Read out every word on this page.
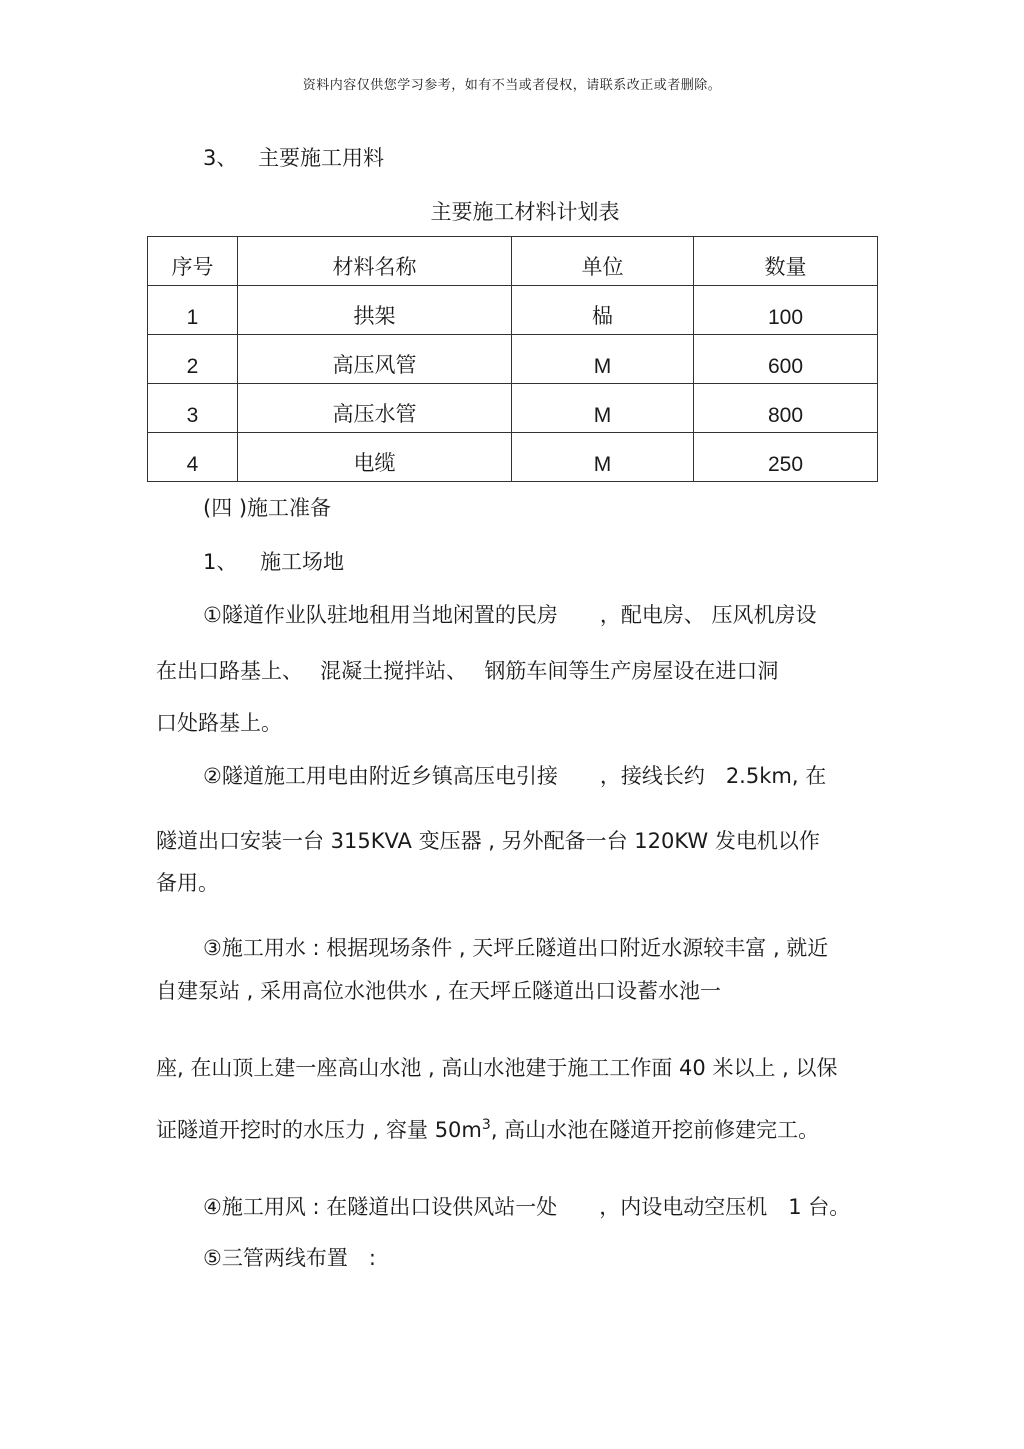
资料内容仅供您学习参考，如有不当或者侵权，请联系改正或者删除。
3、 主要施工用料
主要施工材料计划表
序号	材料名称	单位	数量
1	拱架	榀	100
2	高压风管	M	600
3	高压水管	M	800
4	电缆	M	250
(四 )施工准备
1、 施工场地
①隧道作业队驻地租用当地闲置的民房　　，配电房、 压风机房设
在出口路基上、　 混凝土搅拌站、　 钢筋车间等生产房屋设在进口洞
口处路基上。
②隧道施工用电由附近乡镇高压电引接　　，接线长约　2.5km, 在
隧道出口安装一台 315KVA 变压器 , 另外配备一台 120KW 发电机以作
备用。
③施工用水 : 根据现场条件 , 天坪丘隧道出口附近水源较丰富 , 就近
自建泵站 , 采用高位水池供水 , 在天坪丘隧道出口设蓄水池一
座, 在山顶上建一座高山水池 , 高山水池建于施工工作面 40 米以上 , 以保
证隧道开挖时的水压力 , 容量 $50m^3$, 高山水池在隧道开挖前修建完工。
④施工用风 : 在隧道出口设供风站一处　　，内设电动空压机　1 台。
⑤三管两线布置　:
